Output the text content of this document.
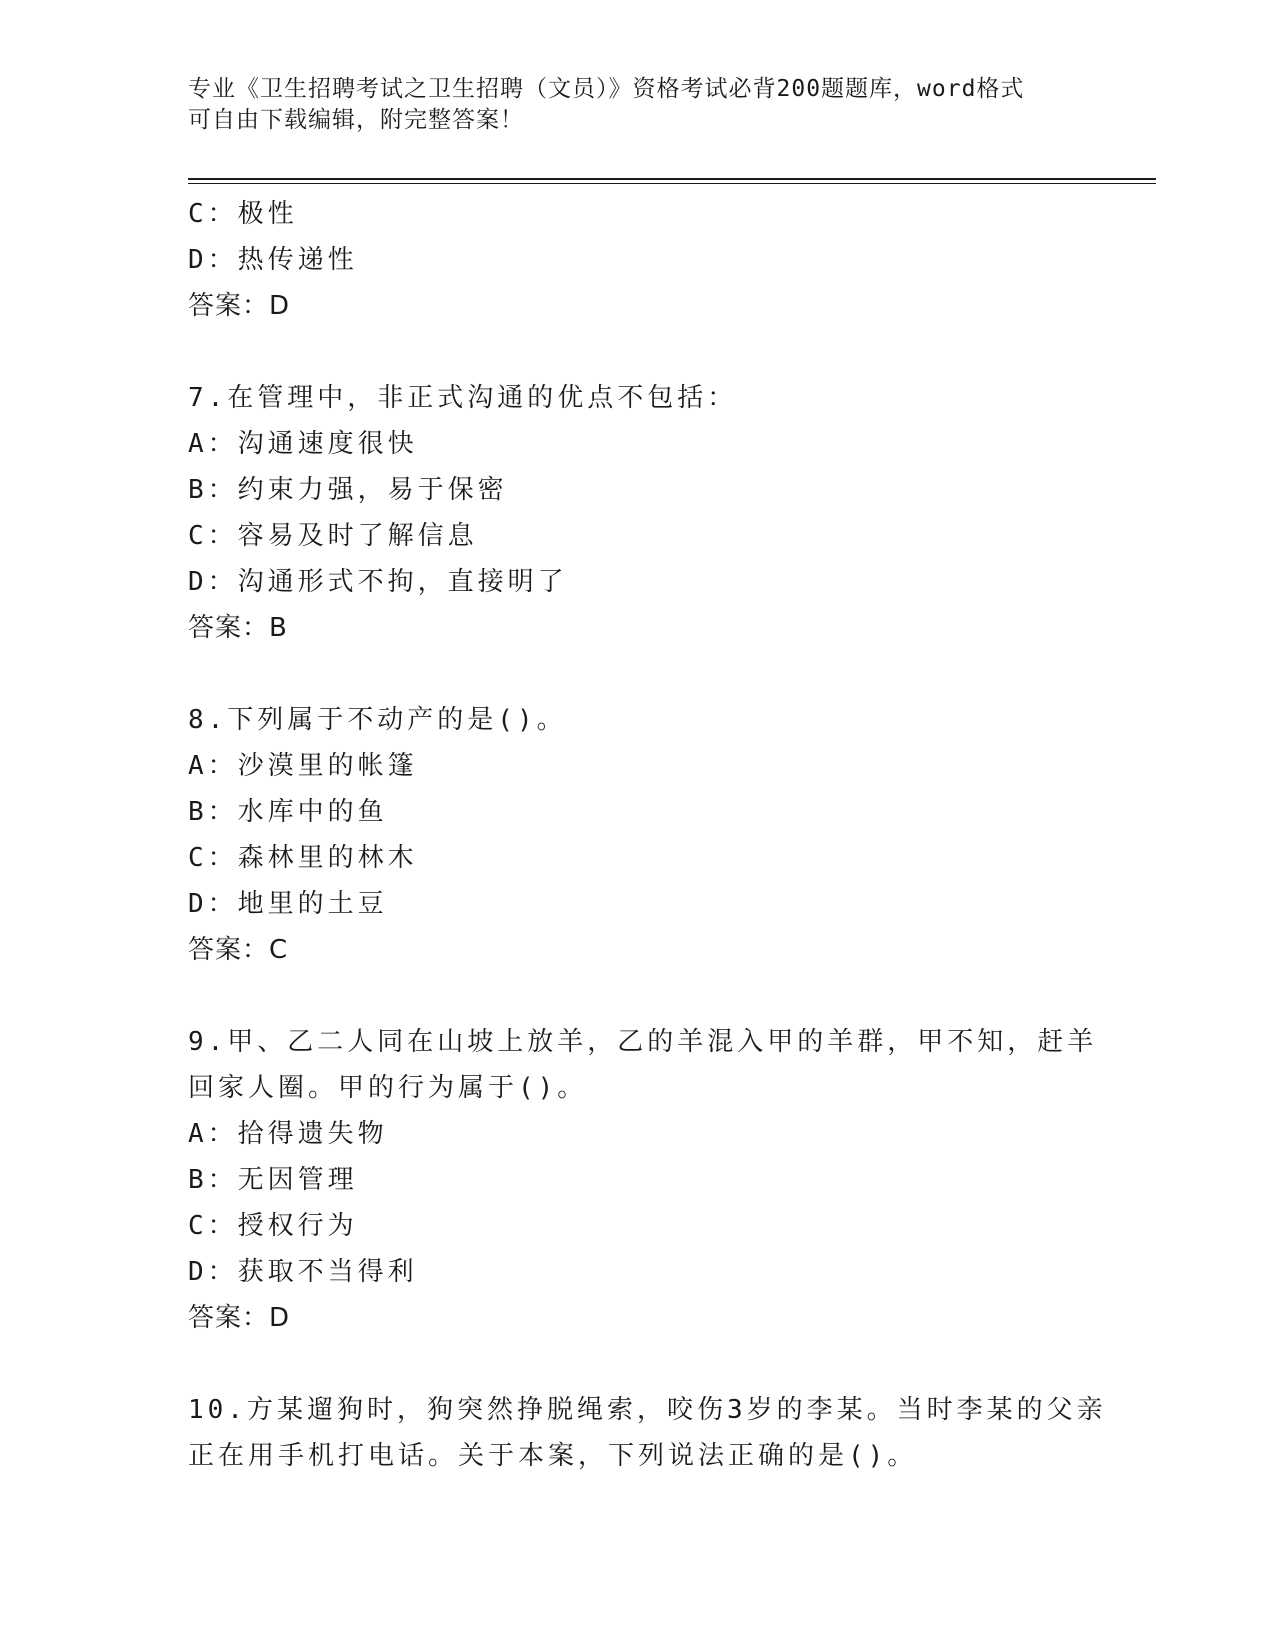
专业《卫生招聘考试之卫生招聘（文员）》资格考试必背200题题库，word格式
可自由下载编辑，附完整答案！
C：极性
D：热传递性
答案：D
7.在管理中，非正式沟通的优点不包括：
A：沟通速度很快
B：约束力强，易于保密
C：容易及时了解信息
D：沟通形式不拘，直接明了
答案：B
8.下列属于不动产的是()。
A：沙漠里的帐篷
B：水库中的鱼
C：森林里的林木
D：地里的土豆
答案：C
9.甲、乙二人同在山坡上放羊，乙的羊混入甲的羊群，甲不知，赶羊
回家人圈。甲的行为属于()。
A：拾得遗失物
B：无因管理
C：授权行为
D：获取不当得利
答案：D
10.方某遛狗时，狗突然挣脱绳索，咬伤3岁的李某。当时李某的父亲
正在用手机打电话。关于本案，下列说法正确的是()。
